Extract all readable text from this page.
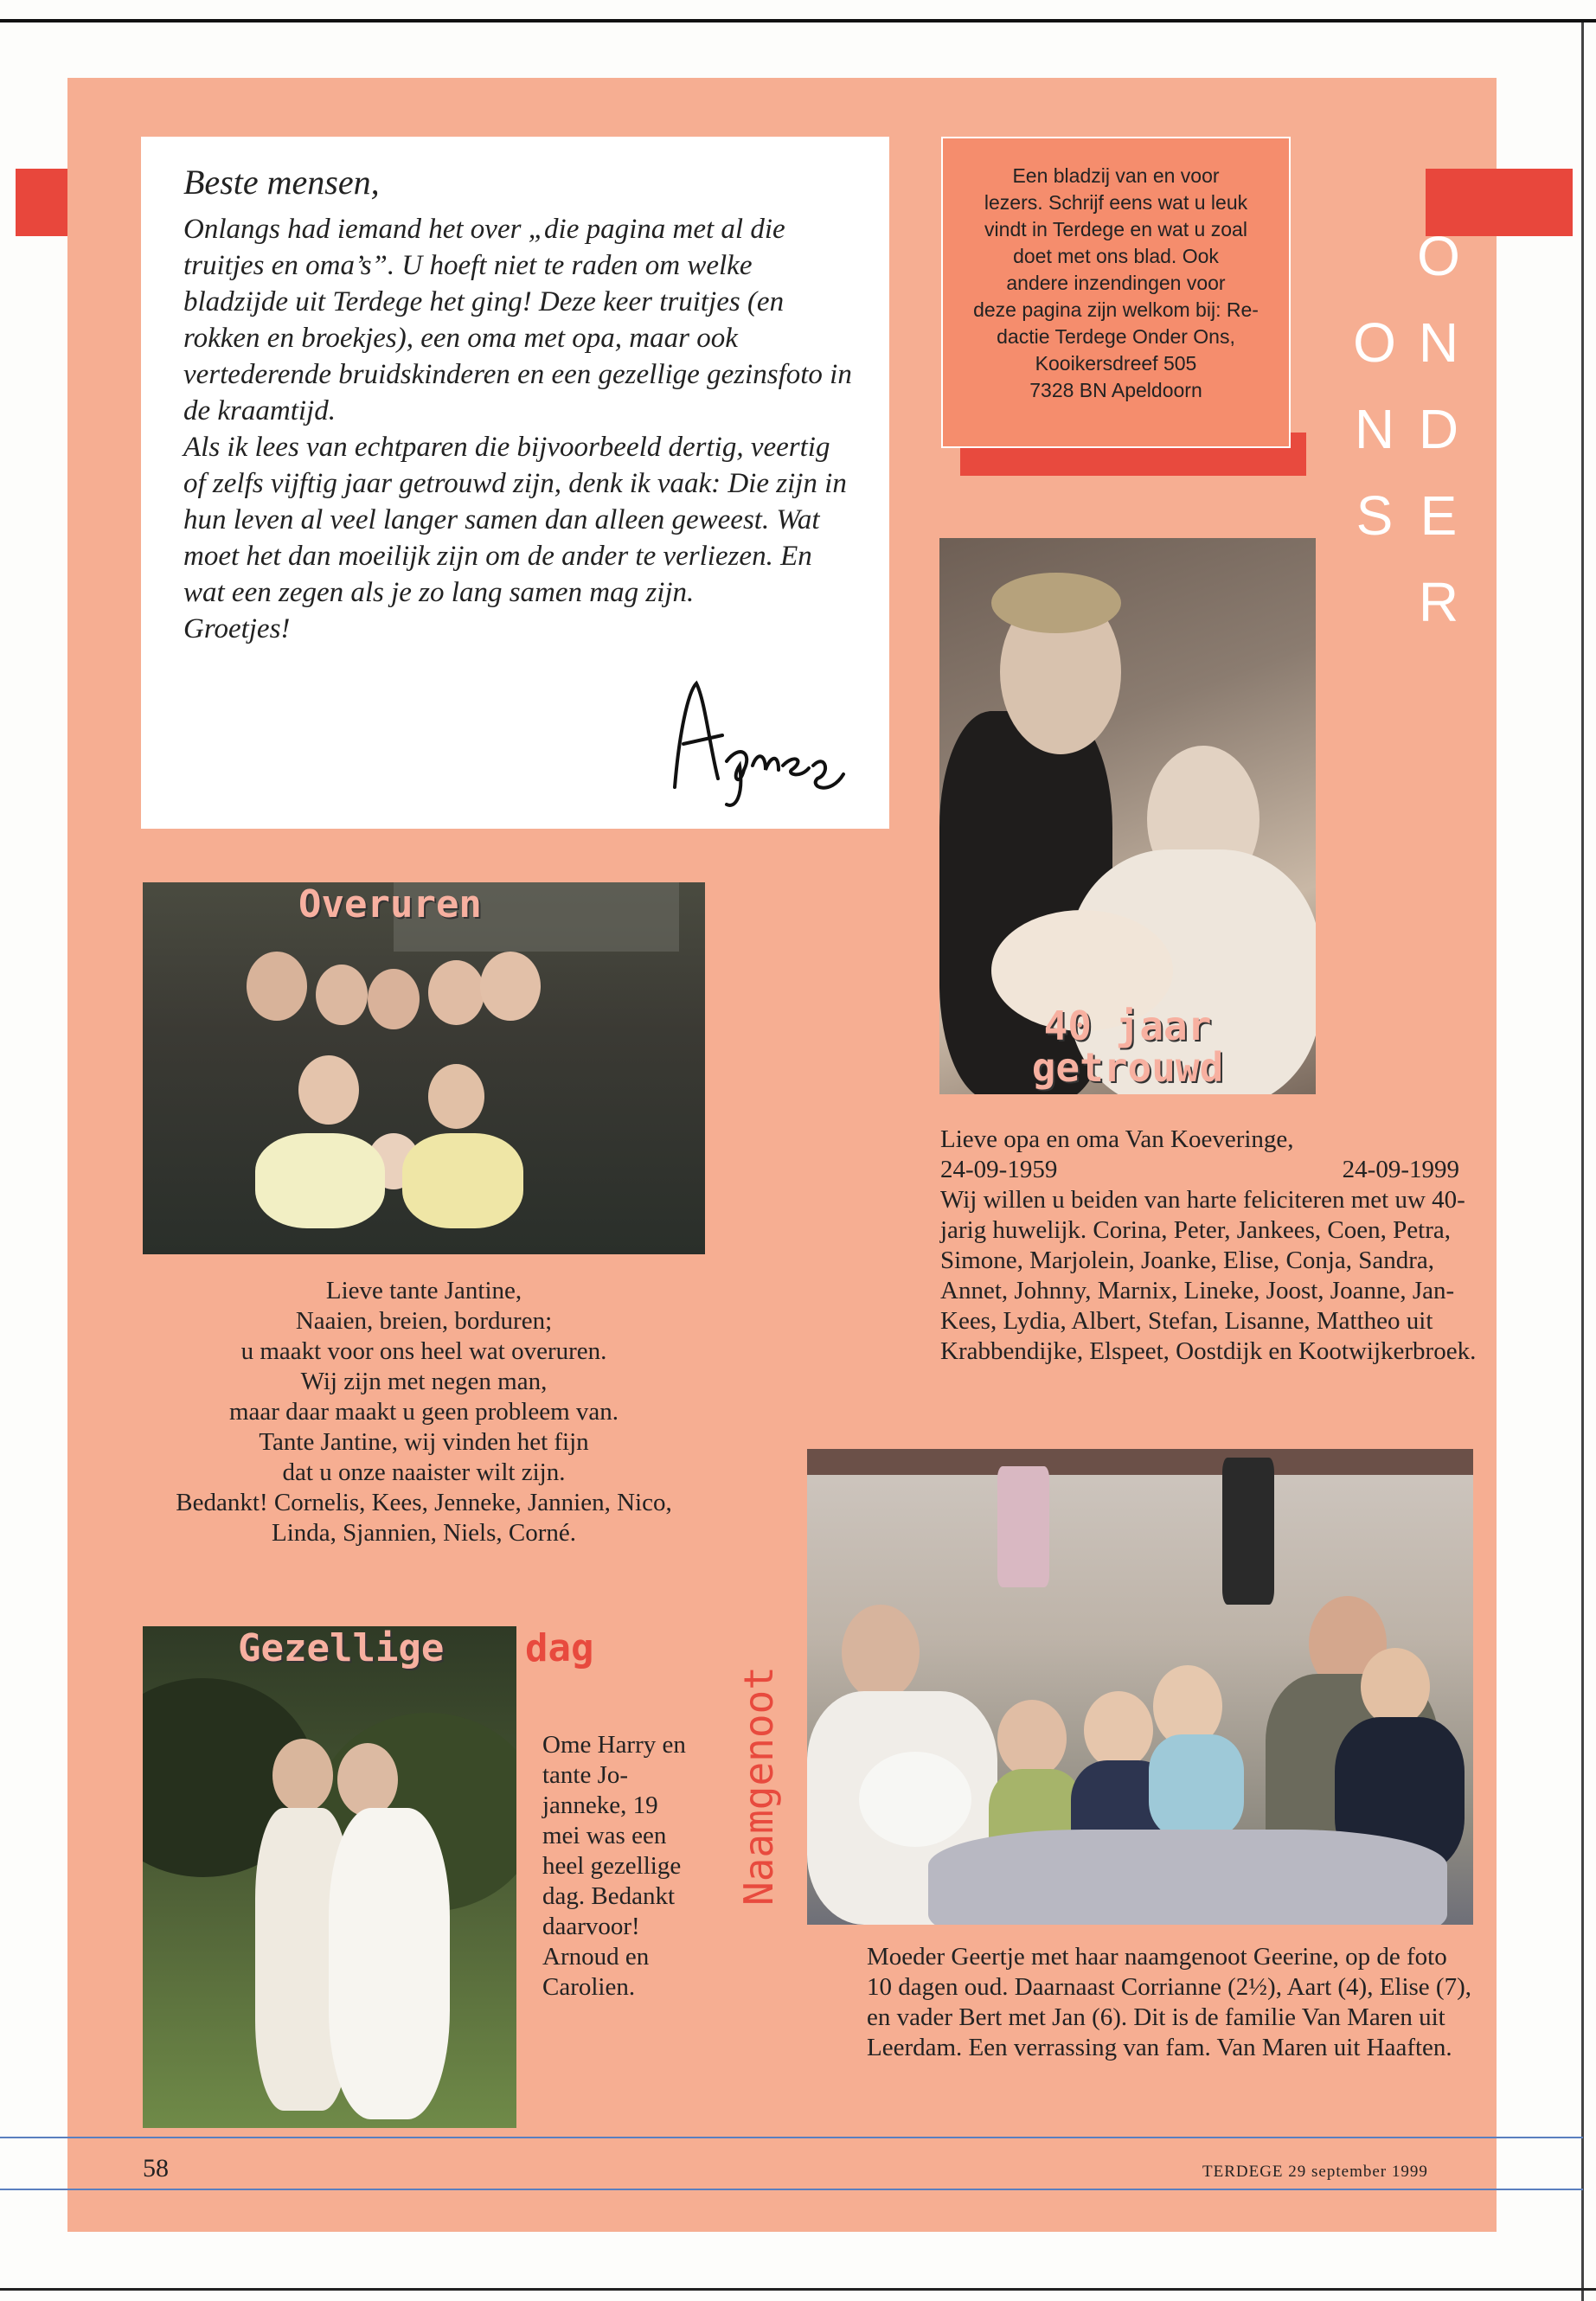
Beste mensen,

Onlangs had iemand het over „die pagina met al die truitjes en oma’s”. U hoeft niet te raden om welke bladzijde uit Terdege het ging! Deze keer truitjes (en rokken en broekjes), een oma met opa, maar ook vertederende bruidskinderen en een gezellige gezinsfoto in de kraamtijd.

Als ik lees van echtparen die bijvoorbeeld dertig, veertig of zelfs vijftig jaar getrouwd zijn, denk ik vaak: Die zijn in hun leven al veel langer samen dan alleen geweest. Wat moet het dan moeilijk zijn om de ander te verliezen. En wat een zegen als je zo lang samen mag zijn.

Groetjes!

Een bladzij van en voor
lezers. Schrijf eens wat u leuk
vindt in Terdege en wat u zoal
doet met ons blad. Ook
andere inzendingen voor
deze pagina zijn welkom bij: Re-
dactie Terdege Onder Ons,
Kooikersdreef 505
7328 BN Apeldoorn	ONDER ONS
Overuren
Lieve tante Jantine,
Naaien, breien, borduren;
u maakt voor ons heel wat overuren.
Wij zijn met negen man,
maar daar maakt u geen probleem van.
Tante Jantine, wij vinden het fijn
dat u onze naaister wilt zijn.
Bedankt! Cornelis, Kees, Jenneke, Jannien, Nico,
Linda, Sjannien, Niels, Corné.
40 jaar
getrouwd
Lieve opa en oma Van Koeveringe,
24-09-1959	24-09-1999
Wij willen u beiden van harte feliciteren met uw 40-jarig huwelijk. Corina, Peter, Jankees, Coen, Petra, Simone, Marjolein, Joanke, Elise, Conja, Sandra, Annet, Johnny, Marnix, Lineke, Joost, Joanne, Jan-Kees, Lydia, Albert, Stefan, Lisanne, Mattheo uit Krabbendijke, Elspeet, Oostdijk en Kootwijkerbroek.
Gezellige dag
Ome Harry en tante Jo-janneke, 19 mei was een heel gezellige dag. Bedankt daarvoor! Arnoud en Carolien.
Naamgenoot
Moeder Geertje met haar naamgenoot Geerine, op de foto 10 dagen oud. Daarnaast Corrianne (2½), Aart (4), Elise (7), en vader Bert met Jan (6). Dit is de familie Van Maren uit Leerdam. Een verrassing van fam. Van Maren uit Haaften.
58	TERDEGE 29 september 1999
